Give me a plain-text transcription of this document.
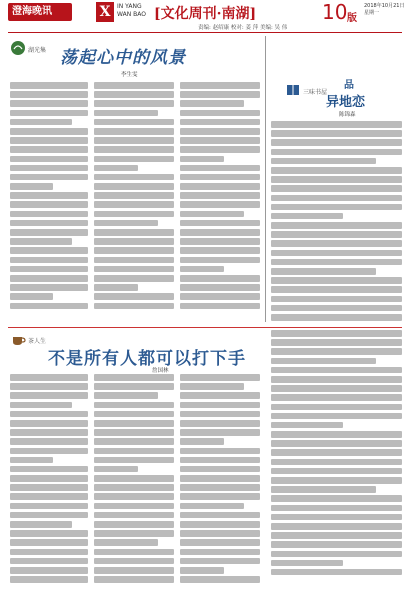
澄海晚讯	X	IN YANG
WAN BAO [文化周刊·南湖]	10 版
2018年10月21日
星期一
责编: 赵绍康 校对: 姜 萍 美编: 吴 伟
湖光集 荡起心中的风景
李生雯
三味书屋
品
异地恋
陈锦森
茶人生
不是所有人都可以打下手
詹国林
